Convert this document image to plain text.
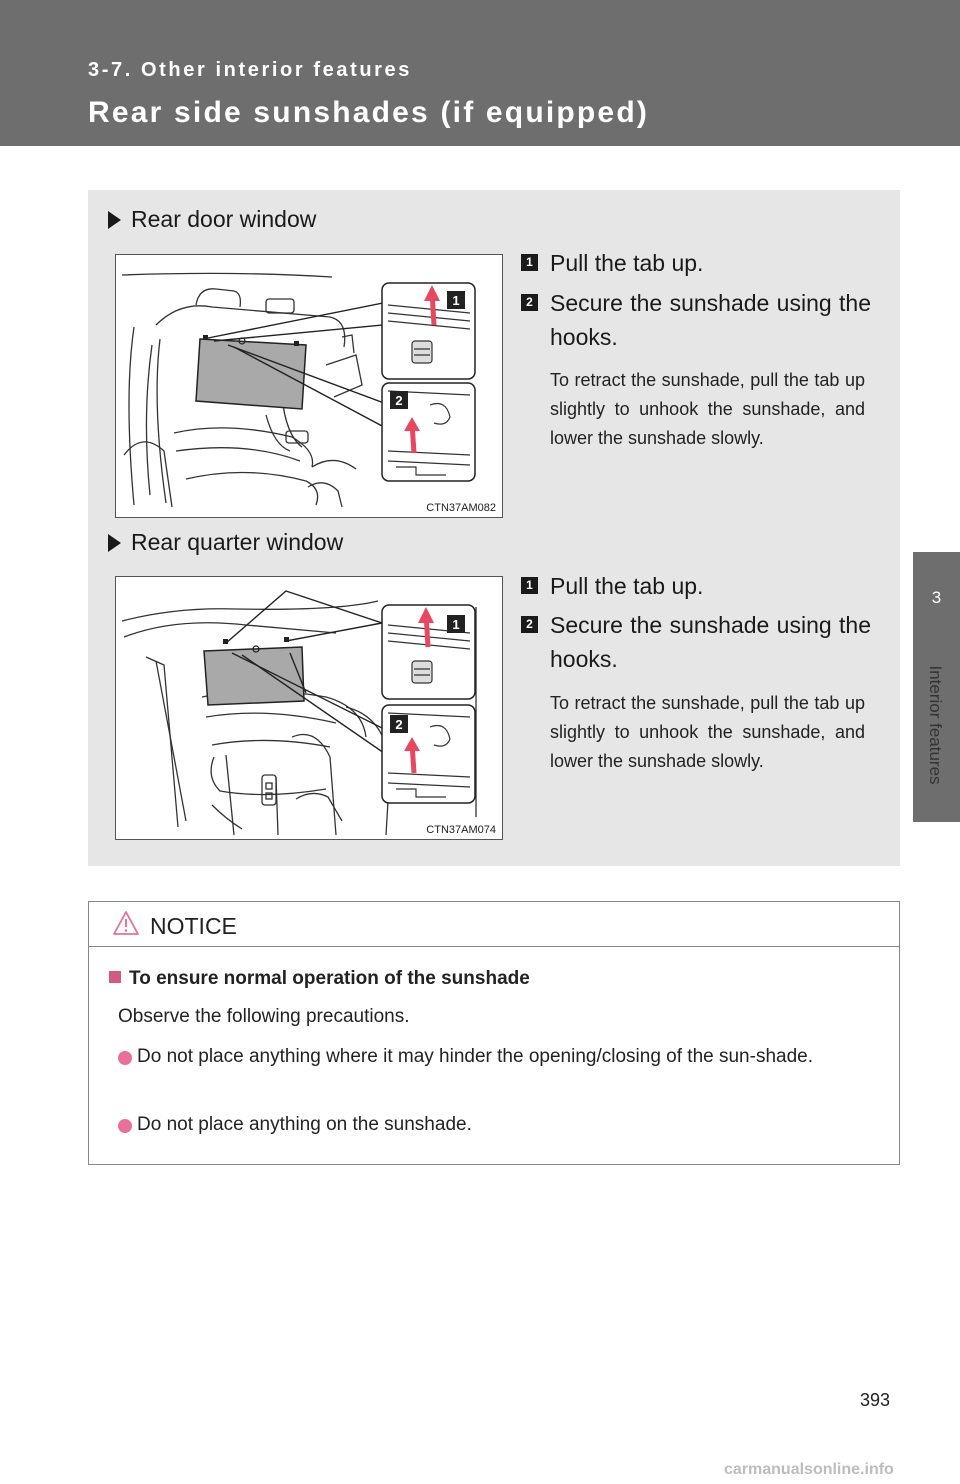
3-7. Other interior features
Rear side sunshades (if equipped)
3
Interior features
Rear door window
1
2
CTN37AM082
1 Pull the tab up.
2 Secure the sunshade using the hooks.
To retract the sunshade, pull the tab up slightly to unhook the sunshade, and lower the sunshade slowly.
Rear quarter window
1
2
CTN37AM074
1 Pull the tab up.
2 Secure the sunshade using the hooks.
To retract the sunshade, pull the tab up slightly to unhook the sunshade, and lower the sunshade slowly.
NOTICE
To ensure normal operation of the sunshade
Observe the following precautions.
Do not place anything where it may hinder the opening/closing of the sun-shade.
Do not place anything on the sunshade.
393
carmanualsonline.info
